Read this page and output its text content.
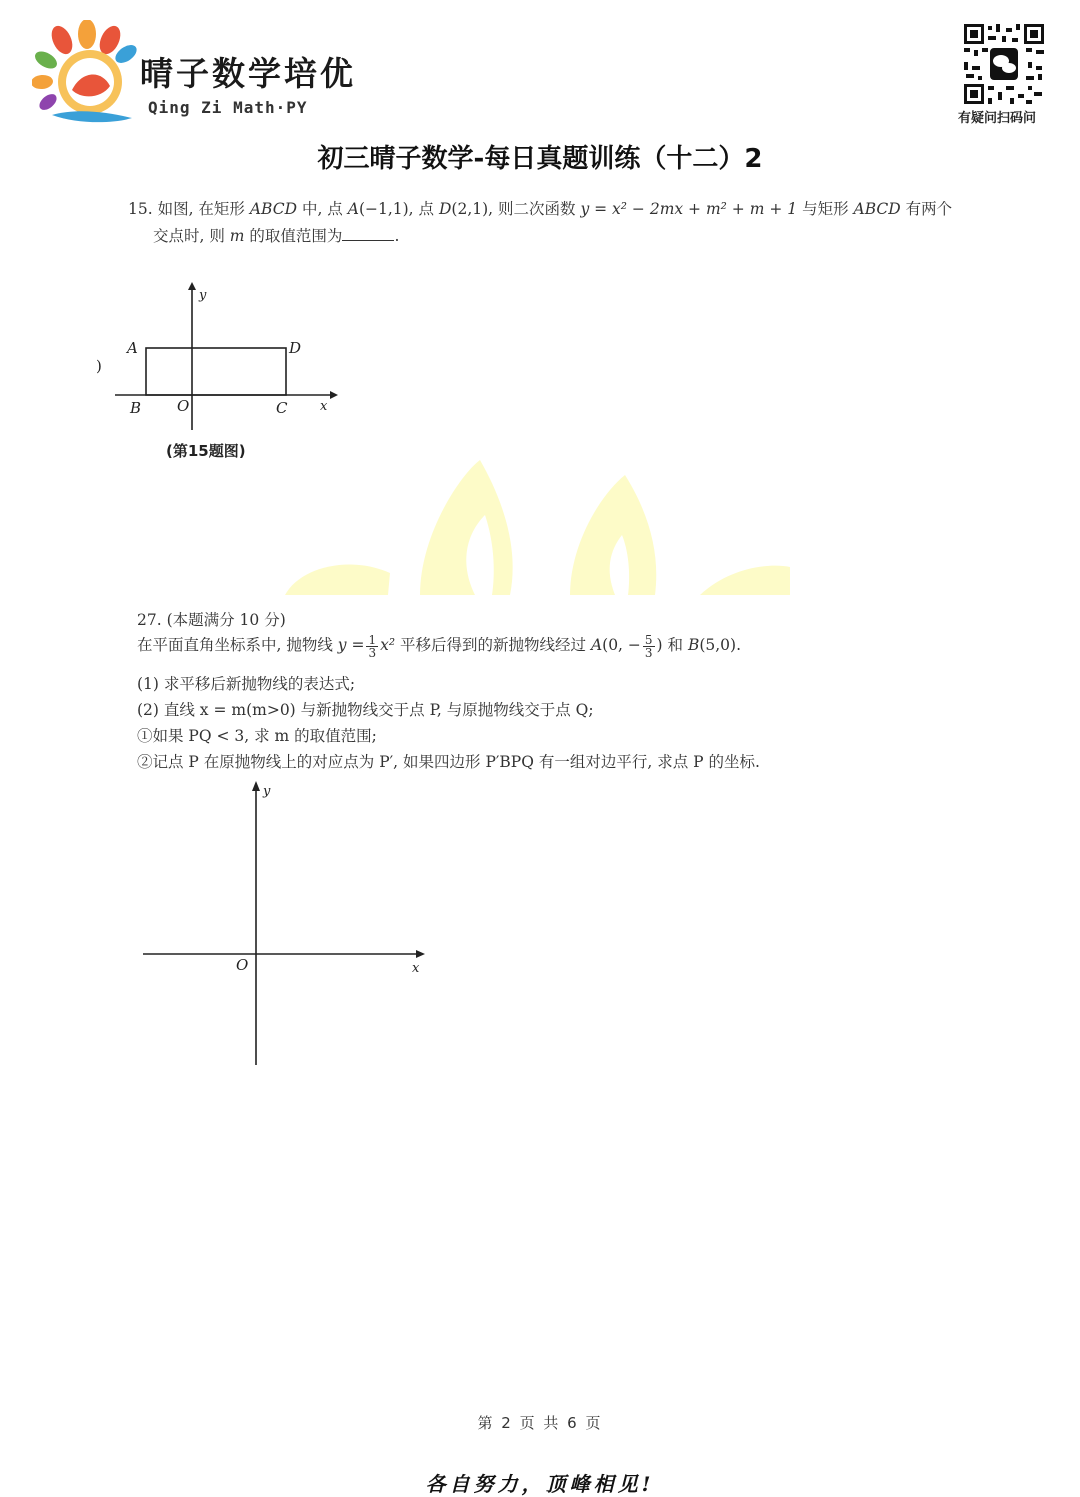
晴子数学培优
Qing Zi Math·PY
有疑问扫码问
初三晴子数学-每日真题训练（十二）2
15. 如图, 在矩形 ABCD 中, 点 A(−1,1), 点 D(2,1), 则二次函数 y = x² − 2mx + m² + m + 1 与矩形 ABCD 有两个
交点时, 则 m 的取值范围为	.
y
x
A	D
B O	C
)
(第15题图)
27. (本题满分 10 分)
在平面直角坐标系中, 抛物线 $y = \frac{1}{3} x^2$ 平移后得到的新抛物线经过 A(0, − $\frac{5}{3}$ ) 和 B(5,0).
(1) 求平移后新抛物线的表达式;
(2) 直线 x = m(m>0) 与新抛物线交于点 P, 与原抛物线交于点 Q;
①如果 PQ < 3, 求 m 的取值范围;
②记点 P 在原抛物线上的对应点为 P′, 如果四边形 P′BPQ 有一组对边平行, 求点 P 的坐标.
y
x
O
第 2 页 共 6 页
各自努力，顶峰相见!
